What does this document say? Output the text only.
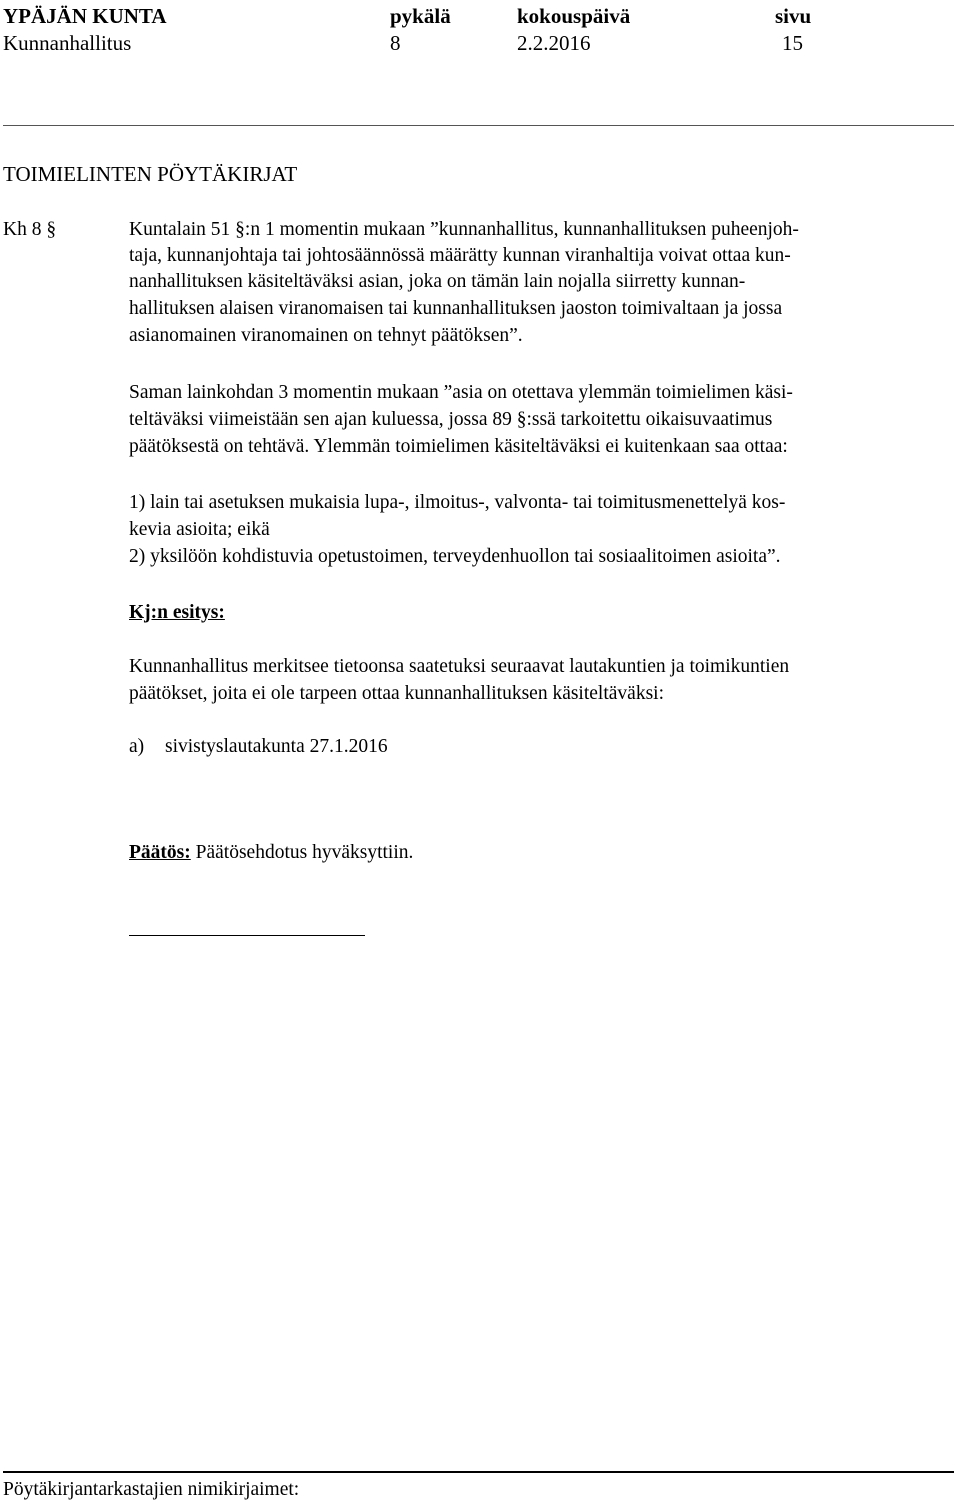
YPÄJÄN KUNTA	pykälä	kokouspäivä	sivu
Kunnanhallitus	8	2.2.2016	15
TOIMIELINTEN PÖYTÄKIRJAT
Kh 8 §	Kuntalain 51 §:n 1 momentin mukaan ”kunnanhallitus, kunnanhallituksen puheenjoh-
taja, kunnanjohtaja tai johtosäännössä määrätty kunnan viranhaltija voivat ottaa kun-
nanhallituksen käsiteltäväksi asian, joka on tämän lain nojalla siirretty kunnan-
hallituksen alaisen viranomaisen tai kunnanhallituksen jaoston toimivaltaan ja jossa
asianomainen viranomainen on tehnyt päätöksen”.
Saman lainkohdan 3 momentin mukaan ”asia on otettava ylemmän toimielimen käsi-
teltäväksi viimeistään sen ajan kuluessa, jossa 89 §:ssä tarkoitettu oikaisuvaatimus
päätöksestä on tehtävä. Ylemmän toimielimen käsiteltäväksi ei kuitenkaan saa ottaa:
1) lain tai asetuksen mukaisia lupa-, ilmoitus-, valvonta- tai toimitusmenettelyä kos-
kevia asioita; eikä
2) yksilöön kohdistuvia opetustoimen, terveydenhuollon tai sosiaalitoimen asioita”.
Kj:n esitys:
Kunnanhallitus merkitsee tietoonsa saatetuksi seuraavat lautakuntien ja toimikuntien
päätökset, joita ei ole tarpeen ottaa kunnanhallituksen käsiteltäväksi:
a) sivistyslautakunta 27.1.2016
Päätös: Päätösehdotus hyväksyttiin.
Pöytäkirjantarkastajien nimikirjaimet:
